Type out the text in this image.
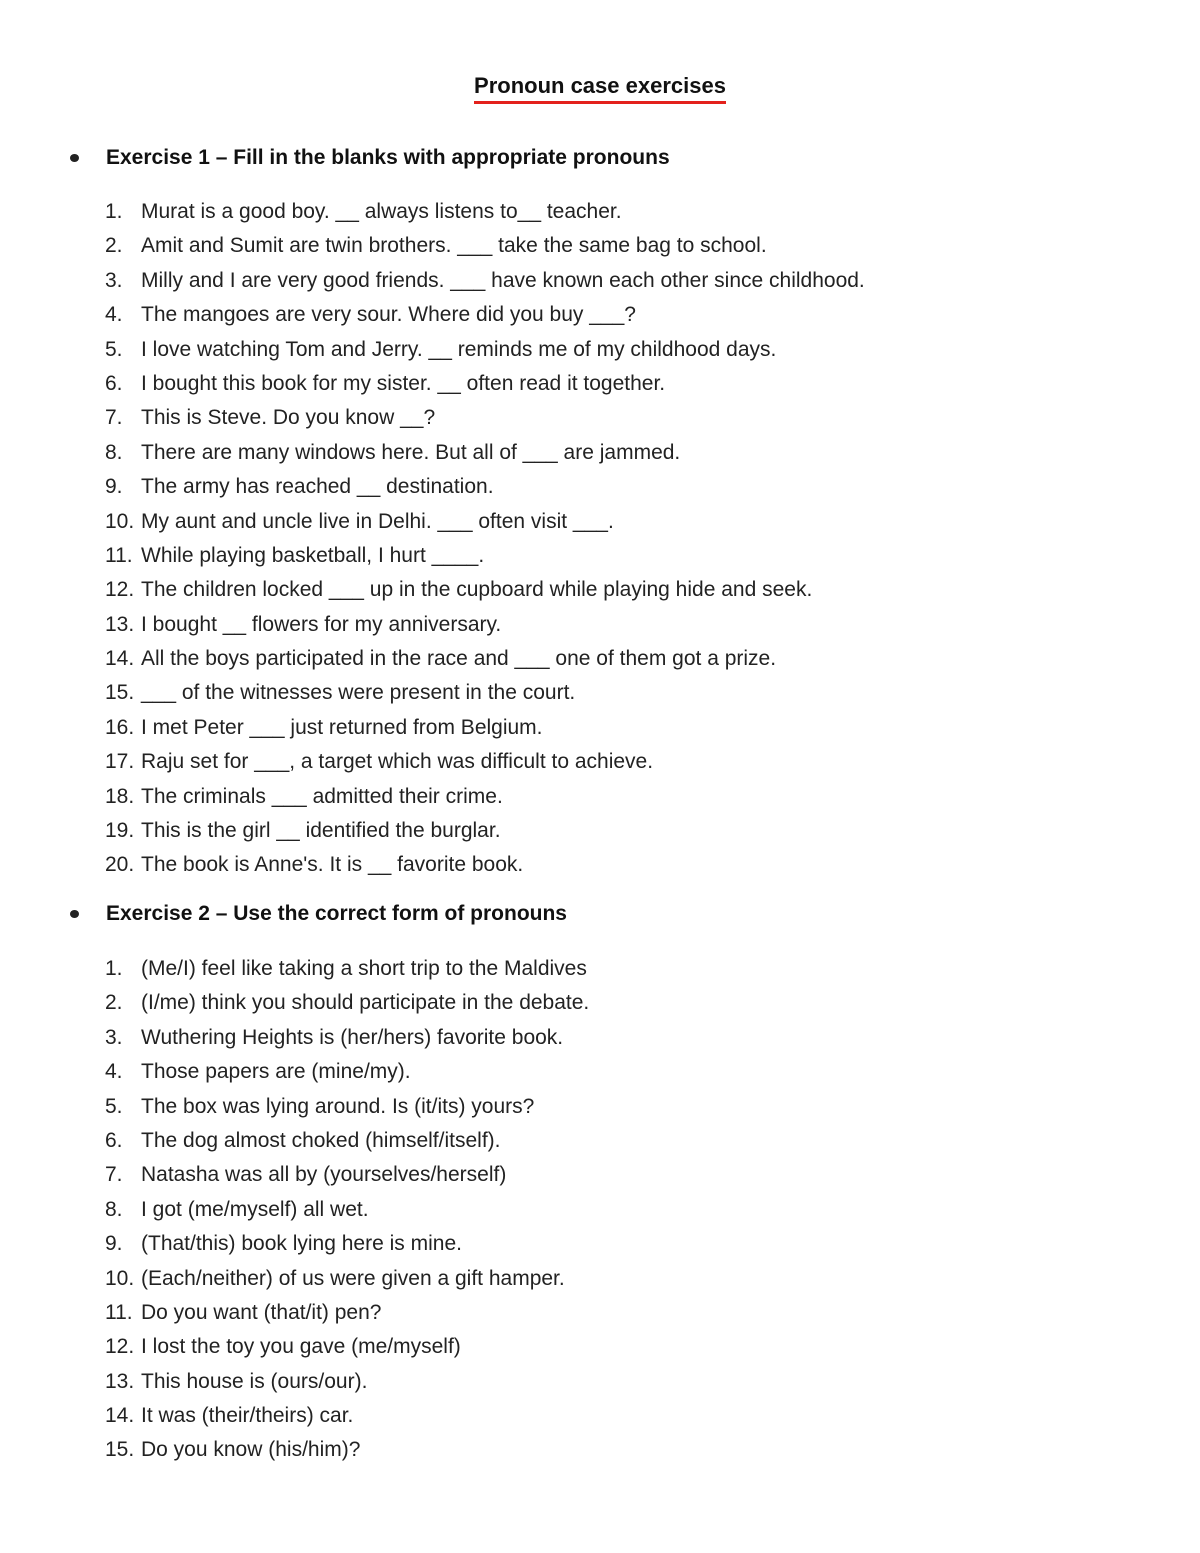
Pronoun case exercises
Exercise 1 – Fill in the blanks with appropriate pronouns
1. Murat is a good boy. __ always listens to__ teacher.
2. Amit and Sumit are twin brothers. ___ take the same bag to school.
3. Milly and I are very good friends. ___ have known each other since childhood.
4. The mangoes are very sour. Where did you buy ___?
5. I love watching Tom and Jerry. __ reminds me of my childhood days.
6. I bought this book for my sister. __ often read it together.
7. This is Steve. Do you know __?
8. There are many windows here. But all of ___ are jammed.
9. The army has reached __ destination.
10. My aunt and uncle live in Delhi. ___ often visit ___.
11. While playing basketball, I hurt ____.
12. The children locked ___ up in the cupboard while playing hide and seek.
13. I bought __ flowers for my anniversary.
14. All the boys participated in the race and ___ one of them got a prize.
15. ___ of the witnesses were present in the court.
16. I met Peter ___ just returned from Belgium.
17. Raju set for ___, a target which was difficult to achieve.
18. The criminals ___ admitted their crime.
19. This is the girl __ identified the burglar.
20. The book is Anne's. It is __ favorite book.
Exercise 2 – Use the correct form of pronouns
1. (Me/I) feel like taking a short trip to the Maldives
2. (I/me) think you should participate in the debate.
3. Wuthering Heights is (her/hers) favorite book.
4. Those papers are (mine/my).
5. The box was lying around. Is (it/its) yours?
6. The dog almost choked (himself/itself).
7. Natasha was all by (yourselves/herself)
8. I got (me/myself) all wet.
9. (That/this) book lying here is mine.
10. (Each/neither) of us were given a gift hamper.
11. Do you want (that/it) pen?
12. I lost the toy you gave (me/myself)
13. This house is (ours/our).
14. It was (their/theirs) car.
15. Do you know (his/him)?
